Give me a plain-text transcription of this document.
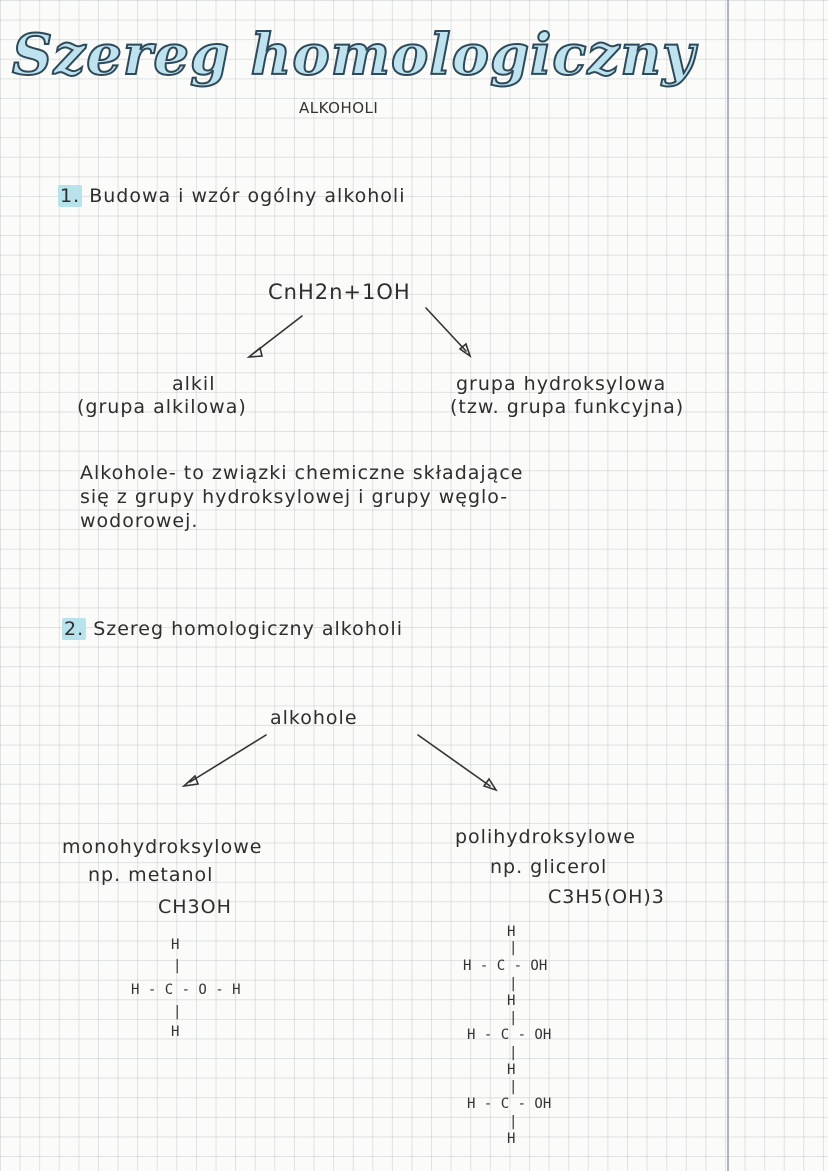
Szereg homologiczny
ALKOHOLI
1. Budowa i wzór ogólny alkoholi
CnH2n+1OH
alkil
(grupa alkilowa)
grupa hydroksylowa
(tzw. grupa funkcyjna)
Alkohole- to związki chemiczne składające
się z grupy hydroksylowej i grupy węglo-
wodorowej.
2. Szereg homologiczny alkoholi
alkohole
monohydroksylowe
np. metanol
CH3OH
polihydroksylowe
np. glicerol
C3H5(OH)3
H
|
H - C - O - H
|
H
H
|
H - C - OH
|
H
|
H - C - OH
|
H
|
H - C - OH
|
H
